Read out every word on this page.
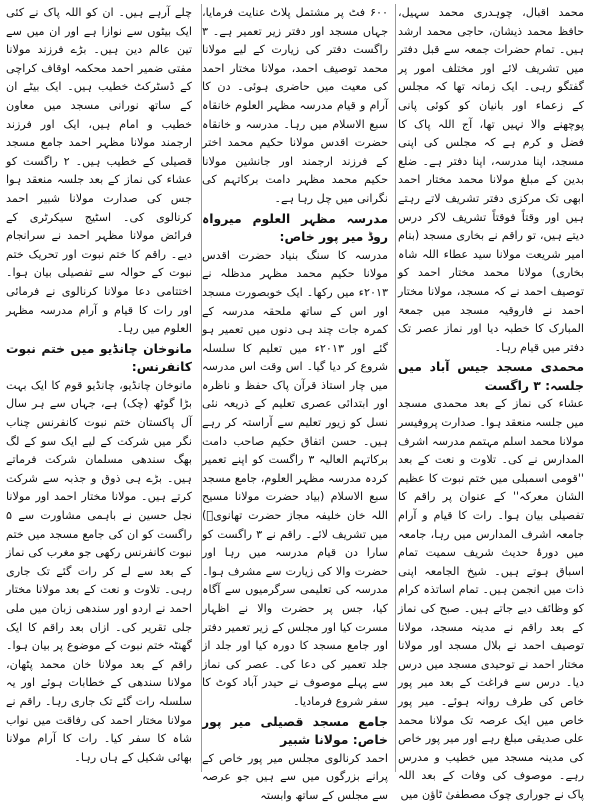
محمد اقبال، چوہدری محمد سہیل، حافظ محمد ذیشان، حاجی محمد ارشد ہیں۔ تمام حضرات جمعہ سے قبل دفتر میں تشریف لائے اور مختلف امور پر گفتگو رہی۔ ایک زمانہ تھا کہ مجلس کے زعماء اور بانیان کو کوئی پانی پوچھنے والا نہیں تھا، آج اللہ پاک کا فضل و کرم ہے کہ مجلس کی اپنی مسجد، اپنا مدرسہ، اپنا دفتر ہے۔ ضلع بدین کے مبلغ مولانا محمد مختار احمد ابھی تک مرکزی دفتر تشریف لاتے رہتے ہیں اور وقتاً فوقتاً تشریف لاکر درس دیتے ہیں، تو راقم نے بخاری مسجد (بنام امیر شریعت مولانا سید عطاء اللہ شاہ بخاری) مولانا محمد مختار احمد کو توصیف احمد نے کہ مسجد، مولانا مختار احمد نے فاروقیہ مسجد میں جمعۃ المبارک کا خطبہ دیا اور نماز عصر تک دفتر میں قیام رہا۔

محمدی مسجد جیس آباد میں جلسہ: ۳ راگست

عشاء کی نماز کے بعد محمدی مسجد میں جلسہ منعقد ہوا۔ صدارت پروفیسر مولانا محمد اسلم مہتمم مدرسہ اشرف المدارس نے کی۔ تلاوت و نعت کے بعد ''قومی اسمبلی میں ختم نبوت کا عظیم الشان معرکہ'' کے عنوان پر راقم کا تفصیلی بیان ہوا۔ رات کا قیام و آرام جامعہ اشرف المدارس میں رہا، جامعہ میں دورۂ حدیث شریف سمیت تمام اسباق ہوتے ہیں۔ شیخ الجامعہ اپنی ذات میں انجمن ہیں۔ تمام اساتذہ کرام کو وظائف دیے جاتے ہیں۔ صبح کی نماز کے بعد راقم نے مدینہ مسجد، مولانا توصیف احمد نے بلال مسجد اور مولانا مختار احمد نے توحیدی مسجد میں درس دیا۔ درس سے فراغت کے بعد میر پور خاص کی طرف روانہ ہوئے۔ میر پور خاص میں ایک عرصہ تک مولانا محمد علی صدیقی مبلغ رہے اور میر پور خاص کی مدینہ مسجد میں خطیب و مدرس رہے۔ موصوف کی وفات کے بعد اللہ پاک نے جوراری چوک مصطفیٰ ٹاؤن میں

۶۰۰ فٹ پر مشتمل پلاٹ عنایت فرمایا، جہاں مسجد اور دفتر زیر تعمیر ہے۔ ۳ راگست دفتر کی زیارت کے لیے مولانا محمد توصیف احمد، مولانا مختار احمد کی معیت میں حاضری ہوئی۔ دن کا آرام و قیام مدرسہ مظہر العلوم خانقاہ سبع الاسلام میں رہا۔ مدرسہ و خانقاہ حضرت اقدس مولانا حکیم محمد اختر کے فرزند ارجمند اور جانشین مولانا حکیم محمد مظہر دامت برکاتہم کی نگرانی میں چل رہا ہے۔

مدرسہ مظہر العلوم میرواہ روڈ میر پور خاص:

مدرسہ کا سنگ بنیاد حضرت اقدس مولانا حکیم محمد مظہر مدظلہ نے ۲۰۱۳ء میں رکھا۔ ایک خوبصورت مسجد اور اس کے ساتھ ملحقہ مدرسہ کے کمرہ جات چند ہی دنوں میں تعمیر ہو گئے اور ۲۰۱۳ء میں تعلیم کا سلسلہ شروع کر دیا گیا۔ اس وقت اس مدرسہ میں چار استاذ قرآن پاک حفظ و ناظرہ اور ابتدائی عصری تعلیم کے ذریعہ نئی نسل کو زیور تعلیم سے آراستہ کر رہے ہیں۔ حسن اتفاق حکیم صاحب دامت برکاتہم العالیہ ۳ راگست کو اپنے تعمیر کردہ مدرسہ مظہر العلوم، جامع مسجد سبع الاسلام (بیاد حضرت مولانا مسیح اللہ خان خلیفہ مجاز حضرت تھانویؒ) میں تشریف لائے۔ راقم نے ۳ راگست کو سارا دن قیام مدرسہ میں رہا اور حضرت والا کی زیارت سے مشرف ہوا۔ مدرسہ کی تعلیمی سرگرمیوں سے آگاہ کیا، جس پر حضرت والا نے اظہار مسرت کیا اور مجلس کے زیر تعمیر دفتر اور جامع مسجد کا دورہ کیا اور جلد از جلد تعمیر کی دعا کی۔ عصر کی نماز سے پہلے موصوف نے حیدر آباد کوٹ کا سفر شروع فرمادیا۔

جامع مسجد قصیلی میر پور خاص: مولانا شبیر

احمد کرنالوی مجلس میر پور خاص کے پرانے بزرگوں میں سے ہیں جو عرصہ سے مجلس کے ساتھ وابستہ

چلے آرہے ہیں۔ ان کو اللہ پاک نے کئی ایک بیٹوں سے نوازا ہے اور ان میں سے تین عالم دین ہیں۔ بڑے فرزند مولانا مفتی ضمیر احمد محکمہ اوقاف کراچی کے ڈسٹرکٹ خطیب ہیں۔ ایک بیٹے ان کے ساتھ نورانی مسجد میں معاون خطیب و امام ہیں، ایک اور فرزند ارجمند مولانا مظہر احمد جامع مسجد قصیلی کے خطیب ہیں۔ ۲ راگست کو عشاء کی نماز کے بعد جلسہ منعقد ہوا جس کی صدارت مولانا شبیر احمد کرنالوی کی۔ اسٹیج سیکرٹری کے فرائض مولانا مظہر احمد نے سرانجام دیے۔ راقم کا ختم نبوت اور تحریک ختم نبوت کے حوالہ سے تفصیلی بیان ہوا۔ اختتامی دعا مولانا کرنالوی نے فرمائی اور رات کا قیام و آرام مدرسہ مظہر العلوم میں رہا۔

مانوخان چانڈیو میں ختم نبوت کانفرنس:

مانوخان چانڈیو، چانڈیو قوم کا ایک بہت بڑا گوٹھ (چک) ہے، جہاں سے ہر سال آل پاکستان ختم نبوت کانفرنس چناب نگر میں شرکت کے لیے ایک سو کے لگ بھگ سندھی مسلمان شرکت فرماتے ہیں۔ بڑے ہی ذوق و جذبہ سے شرکت کرتے ہیں۔ مولانا مختار احمد اور مولانا نجل حسین نے باہمی مشاورت سے ۵ راگست کو ان کی جامع مسجد میں ختم نبوت کانفرنس رکھی جو مغرب کی نماز کے بعد سے لے کر رات گئے تک جاری رہی۔ تلاوت و نعت کے بعد مولانا مختار احمد نے اردو اور سندھی زبان میں ملی جلی تقریر کی۔ ازاں بعد راقم کا ایک گھنٹہ ختم نبوت کے موضوع پر بیان ہوا۔ راقم کے بعد مولانا خان محمد پٹھان، مولانا سندھی کے خطابات ہوئے اور یہ سلسلہ رات گئے تک جاری رہا۔ راقم نے مولانا مختار احمد کی رفاقت میں نواب شاہ کا سفر کیا۔ رات کا آرام مولانا بھائی شکیل کے ہاں رہا۔
